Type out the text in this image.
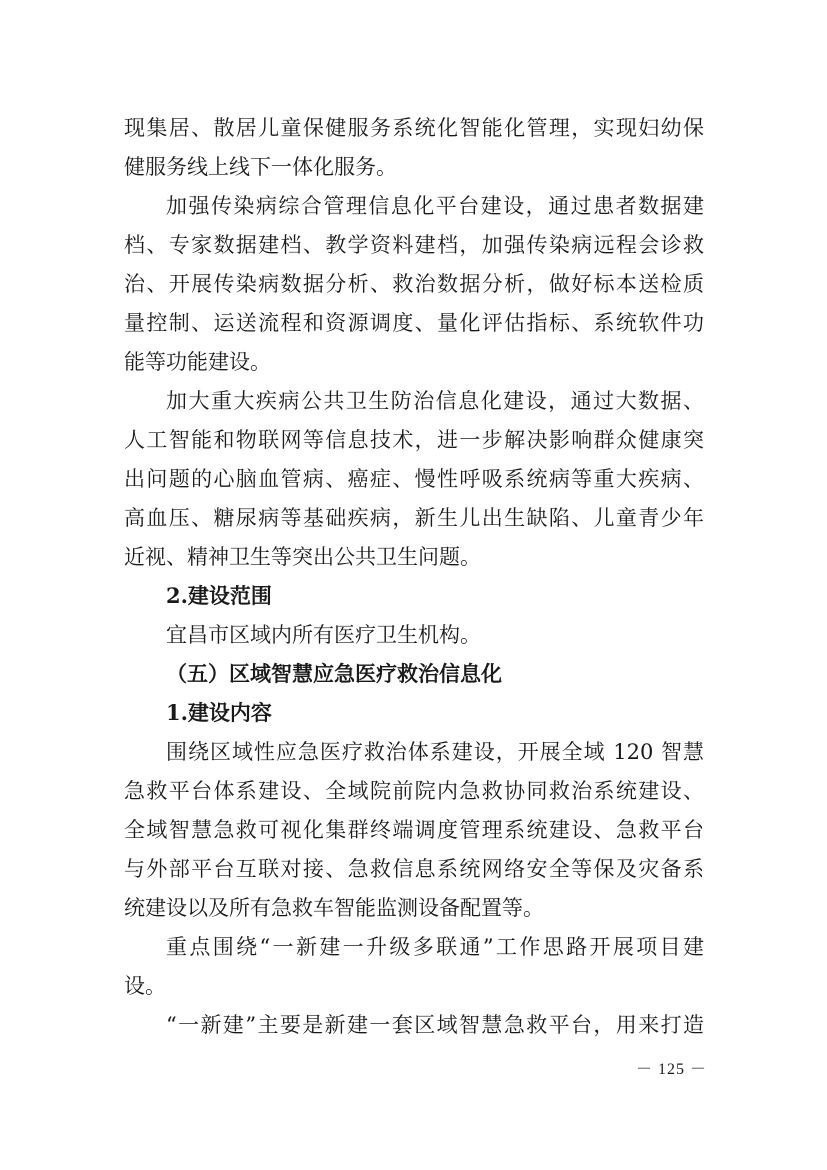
现集居、散居儿童保健服务系统化智能化管理，实现妇幼保

健服务线上线下一体化服务。

加强传染病综合管理信息化平台建设，通过患者数据建

档、专家数据建档、教学资料建档，加强传染病远程会诊救

治、开展传染病数据分析、救治数据分析，做好标本送检质

量控制、运送流程和资源调度、量化评估指标、系统软件功

能等功能建设。

加大重大疾病公共卫生防治信息化建设，通过大数据、

人工智能和物联网等信息技术，进一步解决影响群众健康突

出问题的心脑血管病、癌症、慢性呼吸系统病等重大疾病、

高血压、糖尿病等基础疾病，新生儿出生缺陷、儿童青少年

近视、精神卫生等突出公共卫生问题。

2.建设范围

宜昌市区域内所有医疗卫生机构。

（五）区域智慧应急医疗救治信息化

1.建设内容

围绕区域性应急医疗救治体系建设，开展全域 120 智慧

急救平台体系建设、全域院前院内急救协同救治系统建设、

全域智慧急救可视化集群终端调度管理系统建设、急救平台

与外部平台互联对接、急救信息系统网络安全等保及灾备系

统建设以及所有急救车智能监测设备配置等。

重点围绕“一新建一升级多联通”工作思路开展项目建

设。

“一新建”主要是新建一套区域智慧急救平台，用来打造

－ 125 －
